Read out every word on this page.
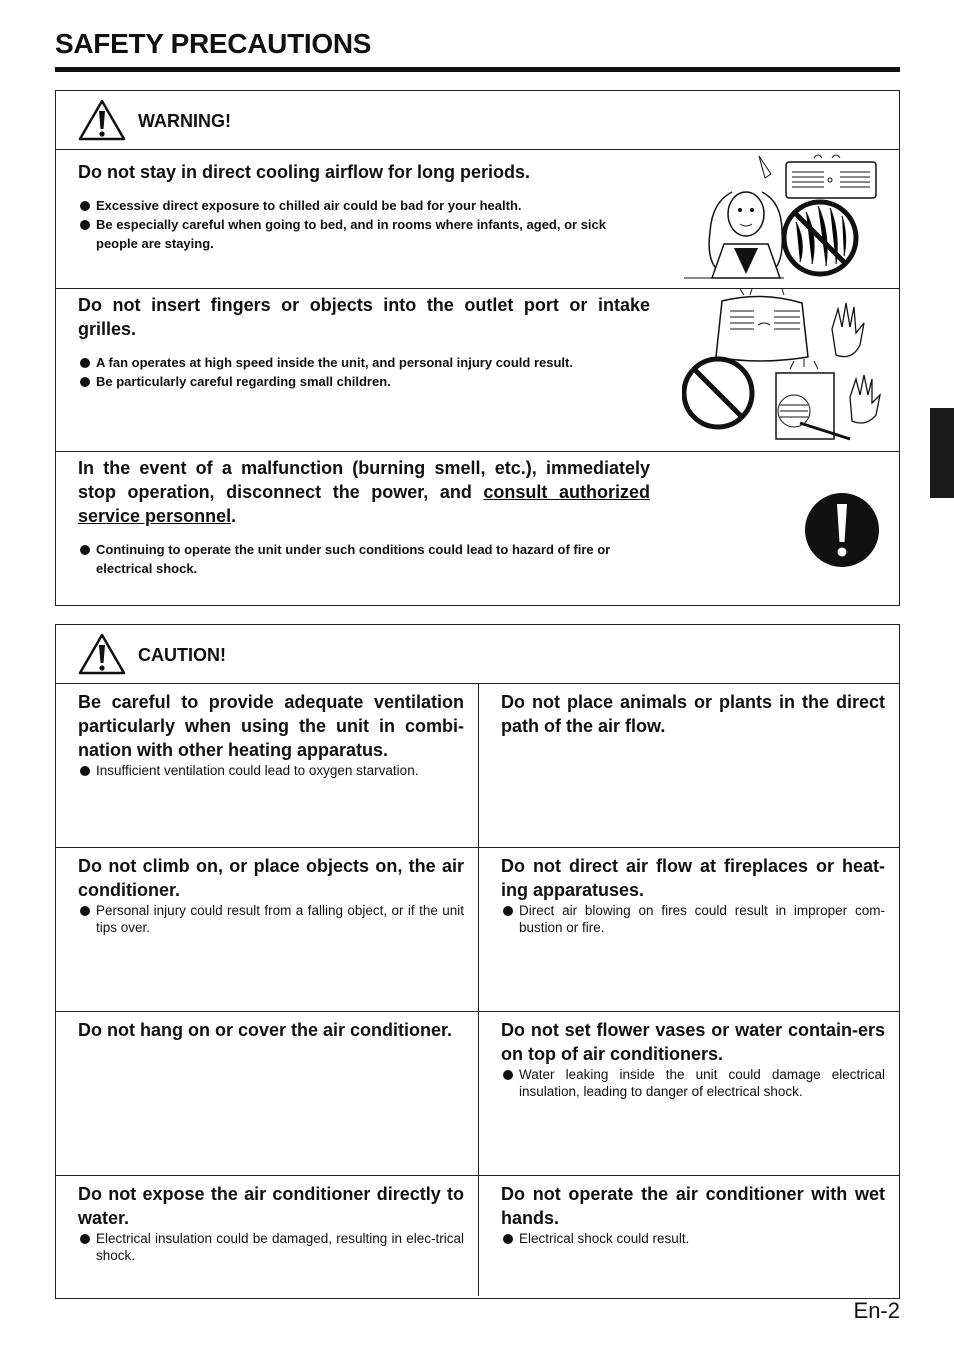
SAFETY PRECAUTIONS
WARNING!

Do not stay in direct cooling airflow for long periods.

Excessive direct exposure to chilled air could be bad for your health.
Be especially careful when going to bed, and in rooms where infants, aged, or sick people are staying.

Do not insert fingers or objects into the outlet port or intake grilles.

A fan operates at high speed inside the unit, and personal injury could result.
Be particularly careful regarding small children.

In the event of a malfunction (burning smell, etc.), immediately stop operation, disconnect the power, and consult authorized service personnel.

Continuing to operate the unit under such conditions could lead to hazard of fire or electrical shock.
CAUTION!

Be careful to provide adequate ventilation particularly when using the unit in combi-nation with other heating apparatus.

Insufficient ventilation could lead to oxygen starvation.

Do not place animals or plants in the direct path of the air flow.

Do not climb on, or place objects on, the air conditioner.

Personal injury could result from a falling object, or if the unit tips over.

Do not direct air flow at fireplaces or heat-ing apparatuses.

Direct air blowing on fires could result in improper com-bustion or fire.

Do not hang on or cover the air conditioner.	Do not set flower vases or water contain-ers on top of air conditioners.

Water leaking inside the unit could damage electrical insulation, leading to danger of electrical shock.

Do not expose the air conditioner directly to water.

Electrical insulation could be damaged, resulting in elec-trical shock.

Do not operate the air conditioner with wet hands.

Electrical shock could result.
En-2
